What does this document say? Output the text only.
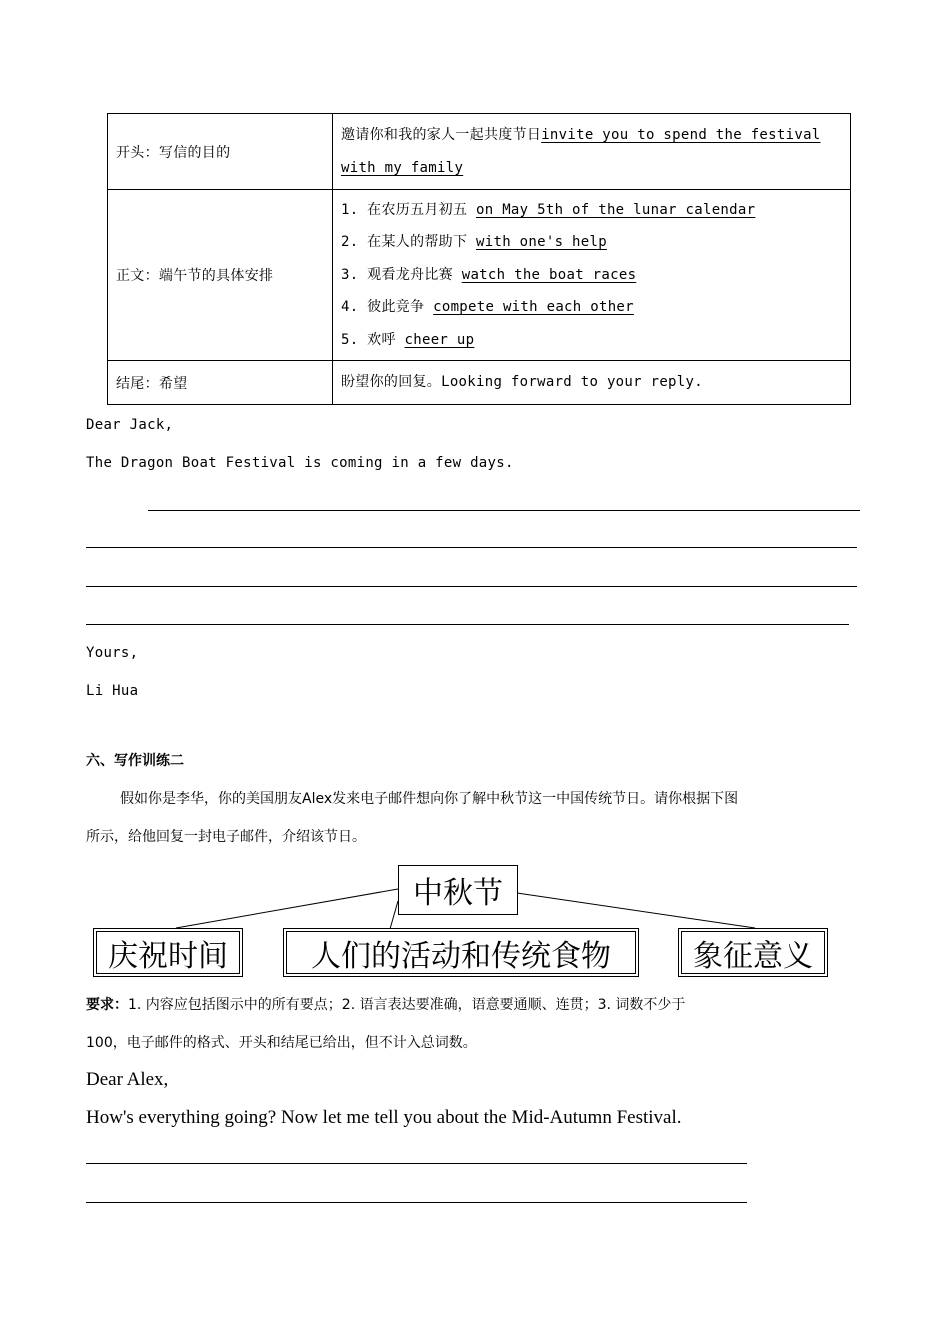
开头：写信的目的	邀请你和我的家人一起共度节日invite you to spend the festival
with my family

正文：端午节的具体安排	1. 在农历五月初五 on May 5th of the lunar calendar
2. 在某人的帮助下 with one's help
3. 观看龙舟比赛 watch the boat races
4. 彼此竞争 compete with each other
5. 欢呼 cheer up

结尾：希望	盼望你的回复。Looking forward to your reply.
Dear Jack,
The Dragon Boat Festival is coming in a few days.
Yours,
Li Hua
六、写作训练二
假如你是李华，你的美国朋友Alex发来电子邮件想向你了解中秋节这一中国传统节日。请你根据下图
所示，给他回复一封电子邮件，介绍该节日。
中秋节
庆祝时间	人们的活动和传统食物	象征意义
要求：1. 内容应包括图示中的所有要点；2. 语言表达要准确，语意要通顺、连贯；3. 词数不少于
100，电子邮件的格式、开头和结尾已给出，但不计入总词数。
Dear Alex,
How's everything going? Now let me tell you about the Mid-Autumn Festival.
